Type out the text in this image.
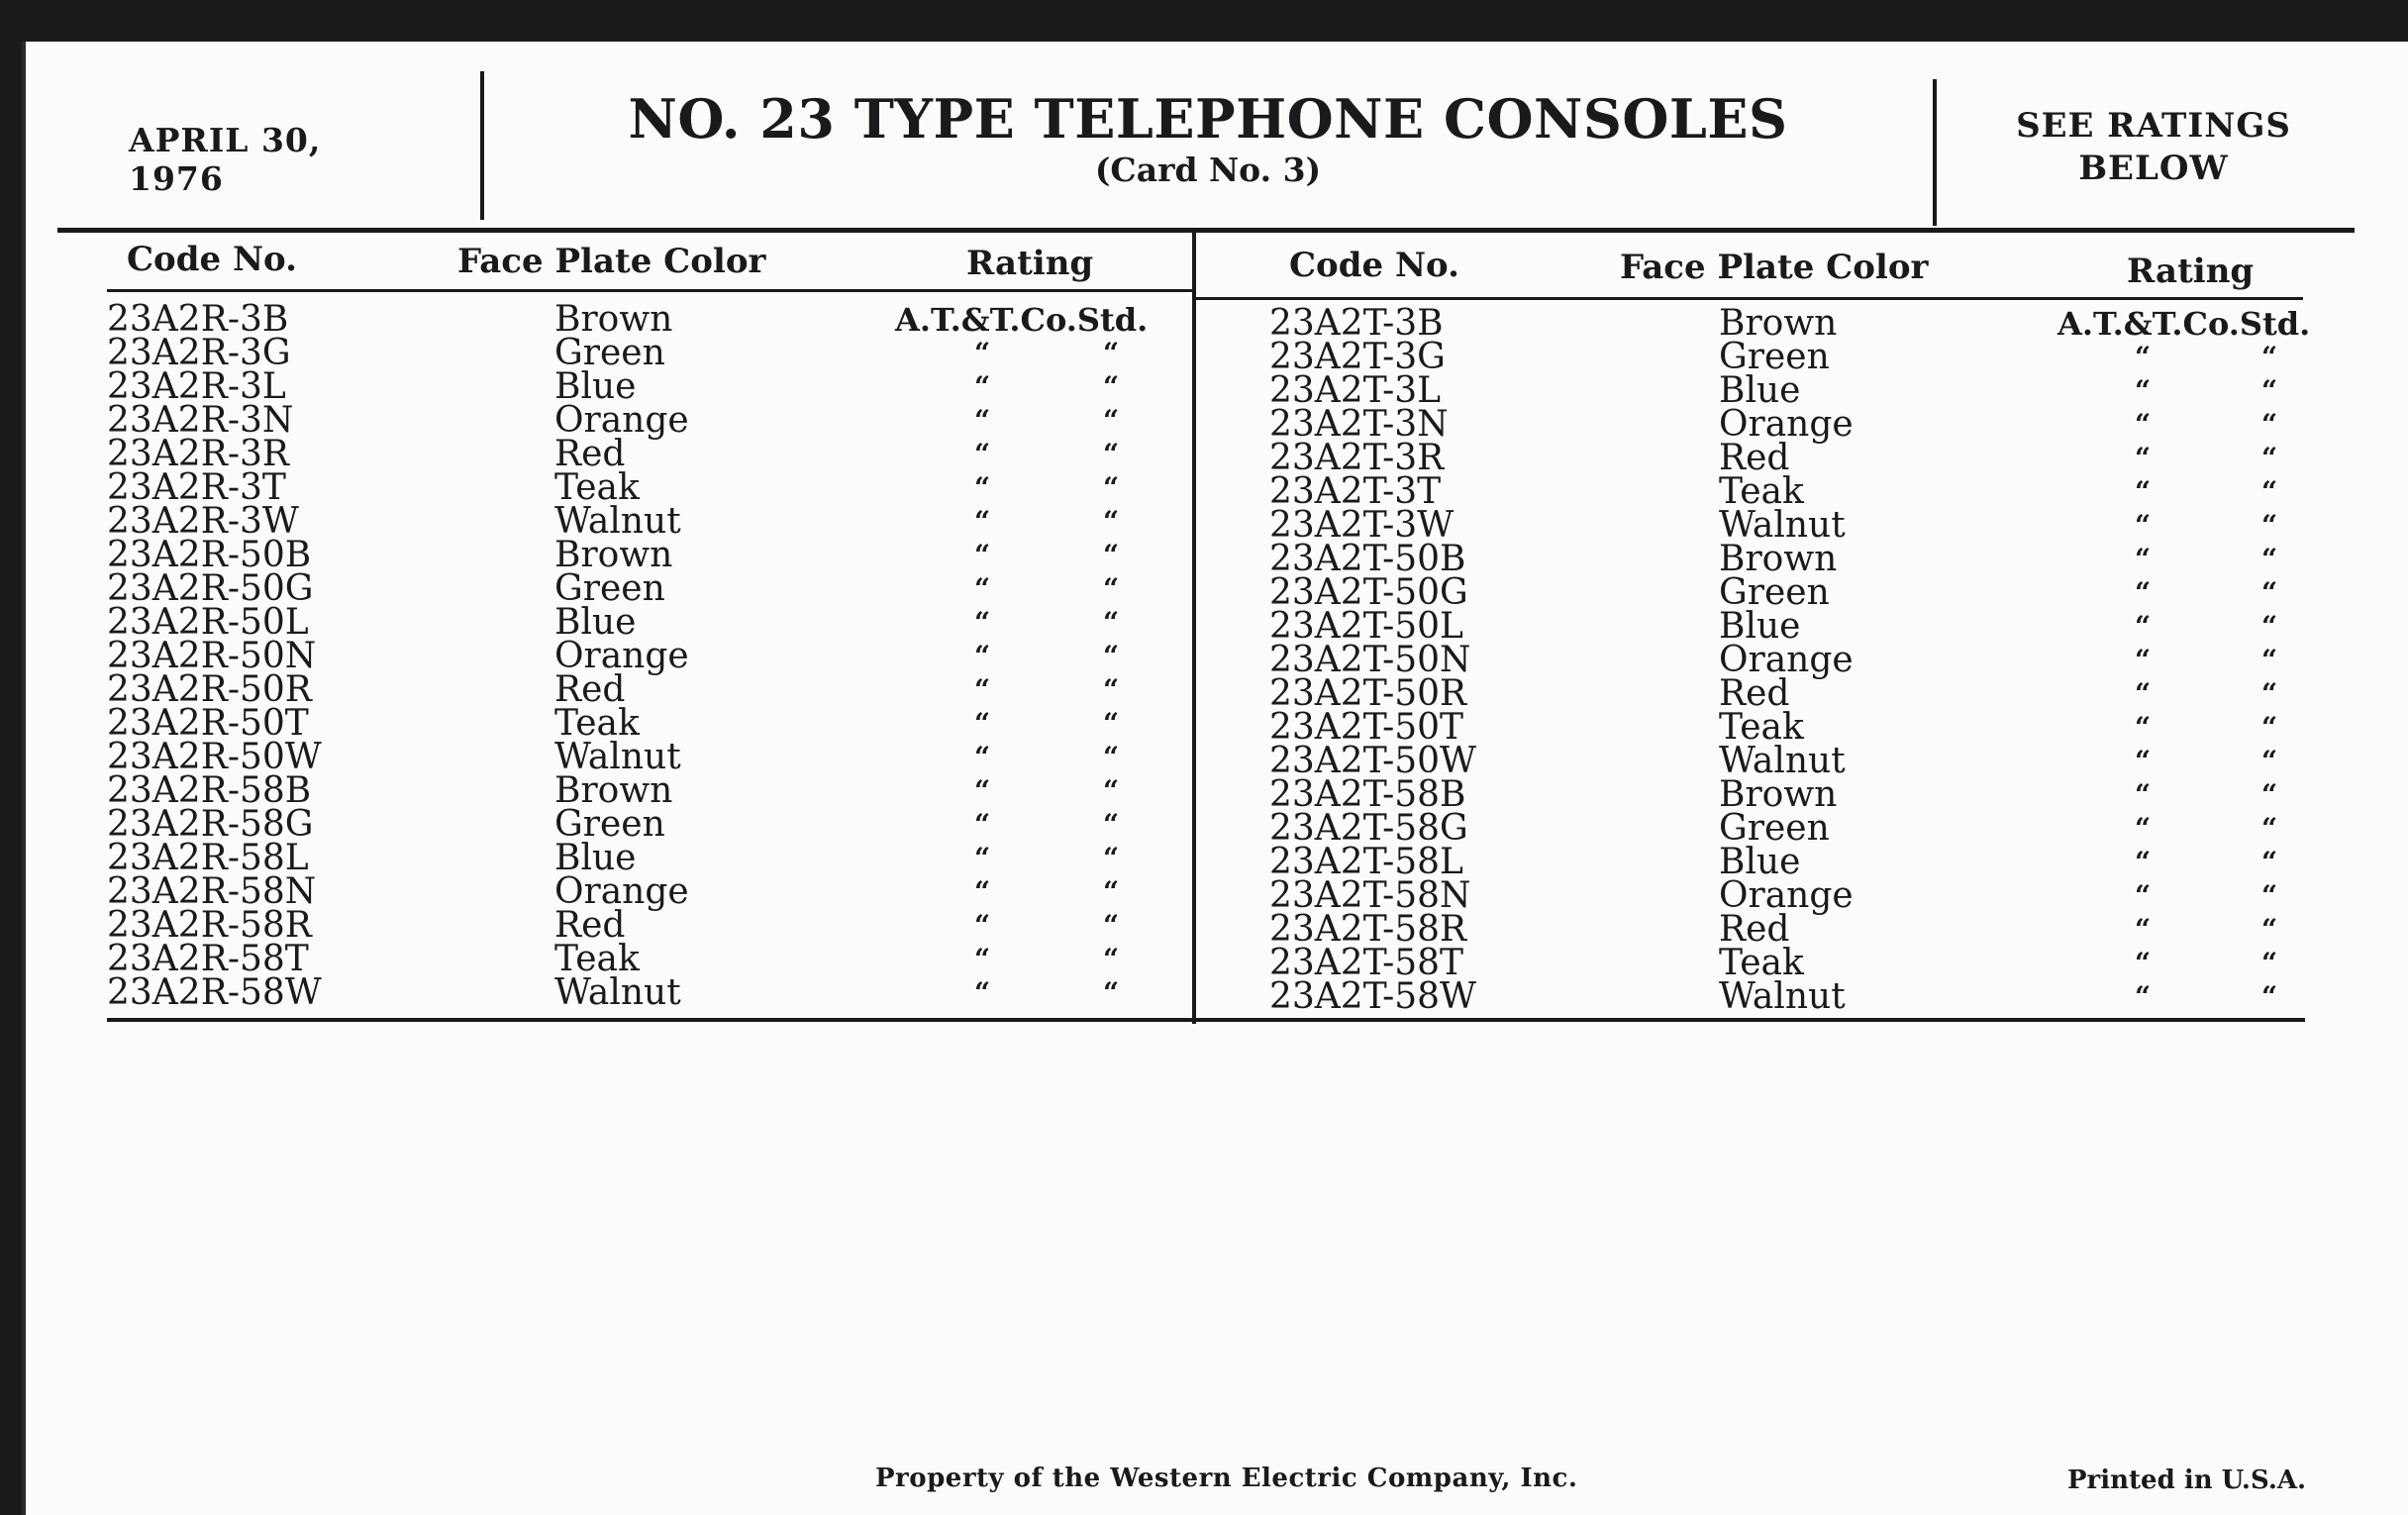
APRIL 30, 1976
NO. 23 TYPE TELEPHONE CONSOLES
(Card No. 3)
SEE RATINGS
BELOW
Code No.	Face Plate Color	Rating	Code No.	Face Plate Color	Rating
23A2R-3B	Brown	A.T.&T.Co.Std.
23A2R-3G	Green	“	“
23A2R-3L	Blue	“	“
23A2R-3N	Orange	“	“
23A2R-3R	Red	“	“
23A2R-3T	Teak	“	“
23A2R-3W	Walnut	“	“
23A2R-50B	Brown	“	“
23A2R-50G	Green	“	“
23A2R-50L	Blue	“	“
23A2R-50N	Orange	“	“
23A2R-50R	Red	“	“
23A2R-50T	Teak	“	“
23A2R-50W	Walnut	“	“
23A2R-58B	Brown	“	“
23A2R-58G	Green	“	“
23A2R-58L	Blue	“	“
23A2R-58N	Orange	“	“
23A2R-58R	Red	“	“
23A2R-58T	Teak	“	“
23A2R-58W	Walnut	“	“
23A2T-3B	Brown	A.T.&T.Co.Std.
23A2T-3G	Green	“	“
23A2T-3L	Blue	“	“
23A2T-3N	Orange	“	“
23A2T-3R	Red	“	“
23A2T-3T	Teak	“	“
23A2T-3W	Walnut	“	“
23A2T-50B	Brown	“	“
23A2T-50G	Green	“	“
23A2T-50L	Blue	“	“
23A2T-50N	Orange	“	“
23A2T-50R	Red	“	“
23A2T-50T	Teak	“	“
23A2T-50W	Walnut	“	“
23A2T-58B	Brown	“	“
23A2T-58G	Green	“	“
23A2T-58L	Blue	“	“
23A2T-58N	Orange	“	“
23A2T-58R	Red	“	“
23A2T-58T	Teak	“	“
23A2T-58W	Walnut	“	“
Property of the Western Electric Company, Inc.	Printed in U.S.A.
